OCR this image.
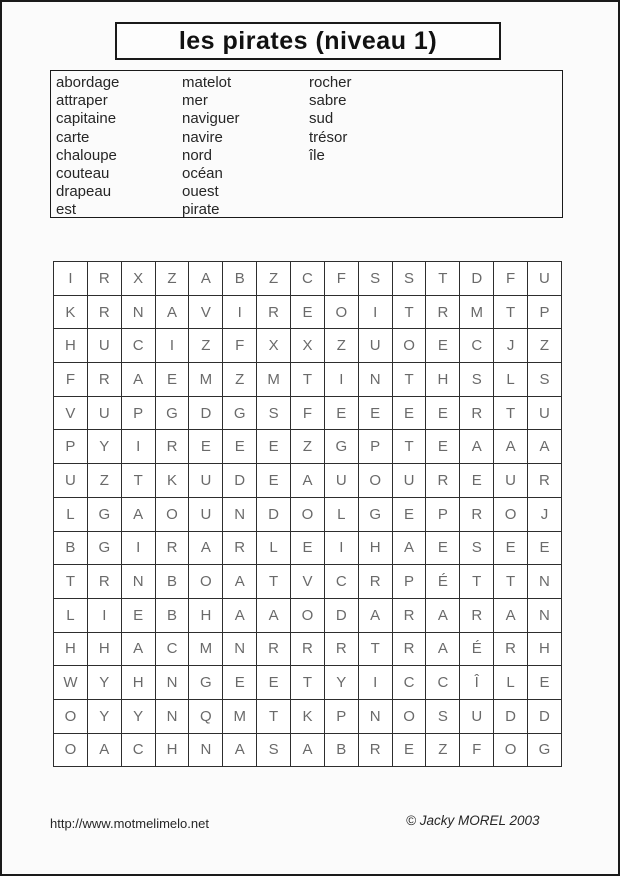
les pirates (niveau 1)
abordage
attraper
capitaine
carte
chaloupe
couteau
drapeau
est
matelot
mer
naviguer
navire
nord
océan
ouest
pirate
rocher
sabre
sud
trésor
île
I	R	X	Z	A	B	Z	C	F	S	S	T	D	F	U
K	R	N	A	V	I	R	E	O	I	T	R	M	T	P
H	U	C	I	Z	F	X	X	Z	U	O	E	C	J	Z
F	R	A	E	M	Z	M	T	I	N	T	H	S	L	S
V	U	P	G	D	G	S	F	E	E	E	E	R	T	U
P	Y	I	R	E	E	E	Z	G	P	T	E	A	A	A
U	Z	T	K	U	D	E	A	U	O	U	R	E	U	R
L	G	A	O	U	N	D	O	L	G	E	P	R	O	J
B	G	I	R	A	R	L	E	I	H	A	E	S	E	E
T	R	N	B	O	A	T	V	C	R	P	É	T	T	N
L	I	E	B	H	A	A	O	D	A	R	A	R	A	N
H	H	A	C	M	N	R	R	R	T	R	A	É	R	H
W	Y	H	N	G	E	E	T	Y	I	C	C	Î	L	E
O	Y	Y	N	Q	M	T	K	P	N	O	S	U	D	D
O	A	C	H	N	A	S	A	B	R	E	Z	F	O	G
http://www.motmelimelo.net	© Jacky MOREL 2003
